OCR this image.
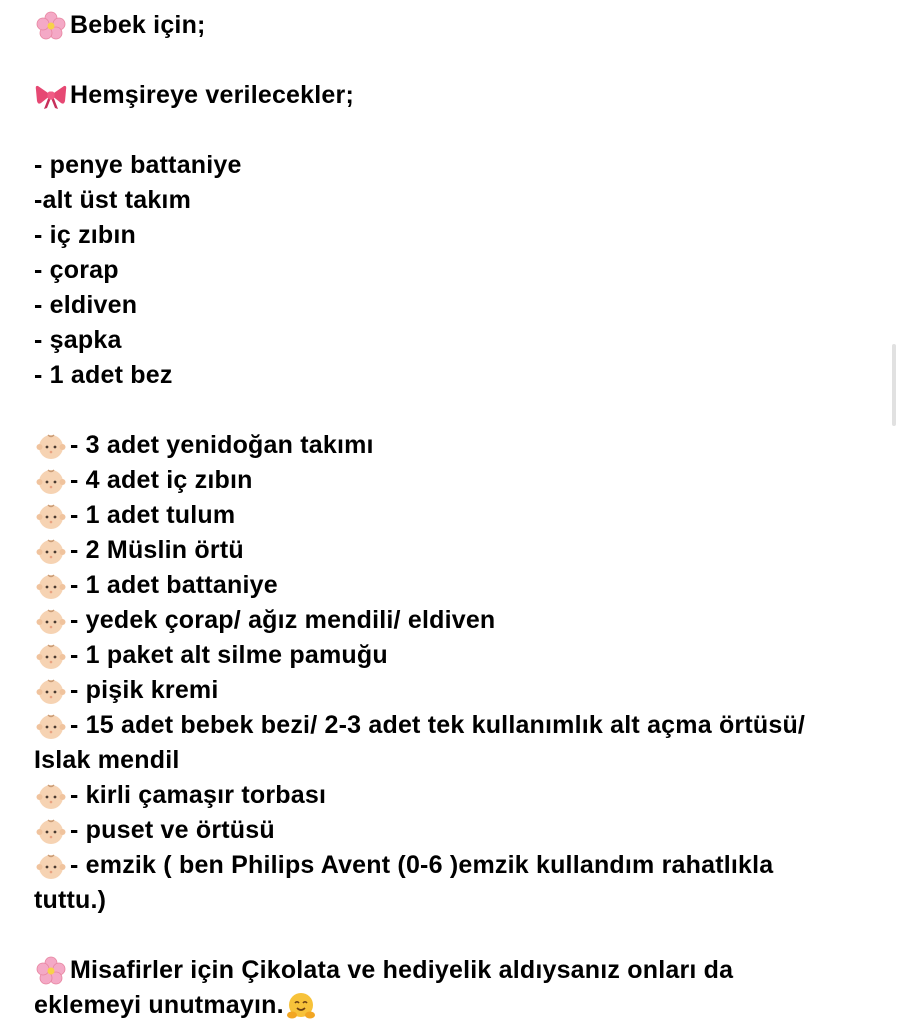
Bebek için;
Hemşireye verilecekler;
- penye battaniye
-alt üst takım
- iç zıbın
- çorap
- eldiven
- şapka
- 1 adet bez
- 3 adet yenidoğan takımı
- 4 adet iç zıbın
- 1 adet tulum
- 2 Müslin örtü
- 1 adet battaniye
- yedek çorap/ ağız mendili/ eldiven
- 1 paket alt silme pamuğu
- pişik kremi
- 15 adet bebek bezi/ 2-3 adet tek kullanımlık alt açma örtüsü/
Islak mendil
- kirli çamaşır torbası
- puset ve örtüsü
- emzik ( ben Philips Avent (0-6 )emzik kullandım rahatlıkla
tuttu.)
Misafirler için Çikolata ve hediyelik aldıysanız onları da
eklemeyi unutmayın.
